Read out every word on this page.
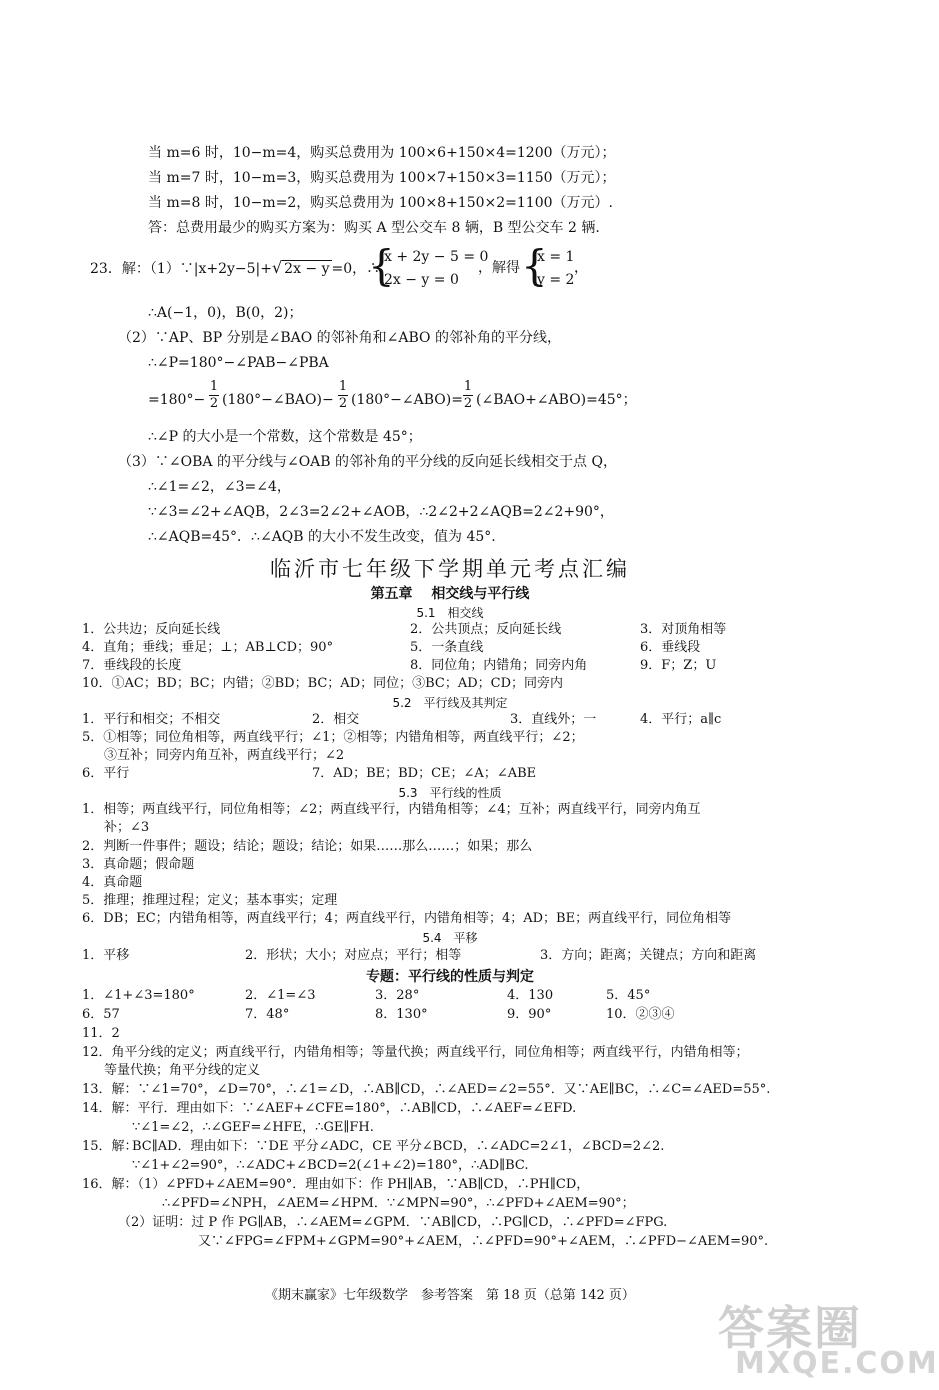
当 m=6 时，10−m=4，购买总费用为 100×6+150×4=1200（万元）；
当 m=7 时，10−m=3，购买总费用为 100×7+150×3=1150（万元）；
当 m=8 时，10−m=2，购买总费用为 100×8+150×2=1100（万元）.
答：总费用最少的购买方案为：购买 A 型公交车 8 辆，B 型公交车 2 辆.
23．解：（1）∵|x+2y−5|+√ 2x − y =0，∴
{
x + 2y − 5 = 0
2x − y = 0
，解得 {
x = 1
y = 2
，
∴A(−1，0)，B(0，2)；
（2）∵AP、BP 分别是∠BAO 的邻补角和∠ABO 的邻补角的平分线，
∴∠P=180°−∠PAB−∠PBA
=180°−
1
2 (180°−∠BAO)−
1
2 (180°−∠ABO)=
1
2 (∠BAO+∠ABO)=45°；
∴∠P 的大小是一个常数，这个常数是 45°；
（3）∵∠OBA 的平分线与∠OAB 的邻补角的平分线的反向延长线相交于点 Q，
∴∠1=∠2，∠3=∠4，
∵∠3=∠2+∠AQB，2∠3=2∠2+∠AOB，∴2∠2+2∠AQB=2∠2+90°，
∴∠AQB=45°．∴∠AQB 的大小不发生改变，值为 45°.
临沂市七年级下学期单元考点汇编
第五章　 相交线与平行线
5.1　相交线
1．公共边；反向延长线	2．公共顶点；反向延长线	3．对顶角相等
4．直角；垂线；垂足；⊥；AB⊥CD；90°	5．一条直线	6．垂线段
7．垂线段的长度	8．同位角；内错角；同旁内角	9．F；Z；U
10．①AC；BD；BC；内错；②BD；BC；AD；同位；③BC；AD；CD；同旁内
5.2　平行线及其判定
1．平行和相交；不相交	2．相交	3．直线外；一	4．平行；a∥c
5．①相等；同位角相等，两直线平行；∠1；②相等；内错角相等，两直线平行；∠2；
③互补；同旁内角互补，两直线平行；∠2
6．平行	7．AD；BE；BD；CE；∠A；∠ABE
5.3　平行线的性质
1．相等；两直线平行，同位角相等；∠2；两直线平行，内错角相等；∠4；互补；两直线平行，同旁内角互
补；∠3
2．判断一件事件；题设；结论；题设；结论；如果……那么……；如果；那么
3．真命题；假命题
4．真命题
5．推理；推理过程；定义；基本事实；定理
6．DB；EC；内错角相等，两直线平行；4；两直线平行，内错角相等；4；AD；BE；两直线平行，同位角相等
5.4　平移
1．平移	2．形状；大小；对应点；平行；相等	3．方向；距离；关键点；方向和距离
专题：平行线的性质与判定
1．∠1+∠3=180°	2．∠1=∠3	3．28°	4．130	5．45°
6．57	7．48°	8．130°	9．90°	10．②③④
11．2
12．角平分线的定义；两直线平行，内错角相等；等量代换；两直线平行，同位角相等；两直线平行，内错角相等；
等量代换；角平分线的定义
13．解：∵∠1=70°，∠D=70°，∴∠1=∠D，∴AB∥CD，∴∠AED=∠2=55°．又∵AE∥BC，∴∠C=∠AED=55°.
14．解：平行．理由如下：∵∠AEF+∠CFE=180°，∴AB∥CD，∴∠AEF=∠EFD.
∵∠1=∠2，∴∠GEF=∠HFE，∴GE∥FH.
15．解：
BC∥AD．理由如下：∵DE 平分∠ADC，CE 平分∠BCD，∴∠ADC=2∠1，∠BCD=2∠2.
∵∠1+∠2=90°，∴∠ADC+∠BCD=2(∠1+∠2)=180°，∴AD∥BC.
16．解：（1）∠PFD+∠AEM=90°．理由如下：作 PH∥AB，∵AB∥CD，∴PH∥CD，
∴∠PFD=∠NPH，∠AEM=∠HPM．∵∠MPN=90°，∴∠PFD+∠AEM=90°；
（2）证明：过 P 作 PG∥AB，∴∠AEM=∠GPM．∵AB∥CD，∴PG∥CD，∴∠PFD=∠FPG.
又∵∠FPG=∠FPM+∠GPM=90°+∠AEM，∴∠PFD=90°+∠AEM，∴∠PFD−∠AEM=90°.
《期末赢家》七年级数学　参考答案　第 18 页（总第 142 页）
答案圈
MXQE.COM
